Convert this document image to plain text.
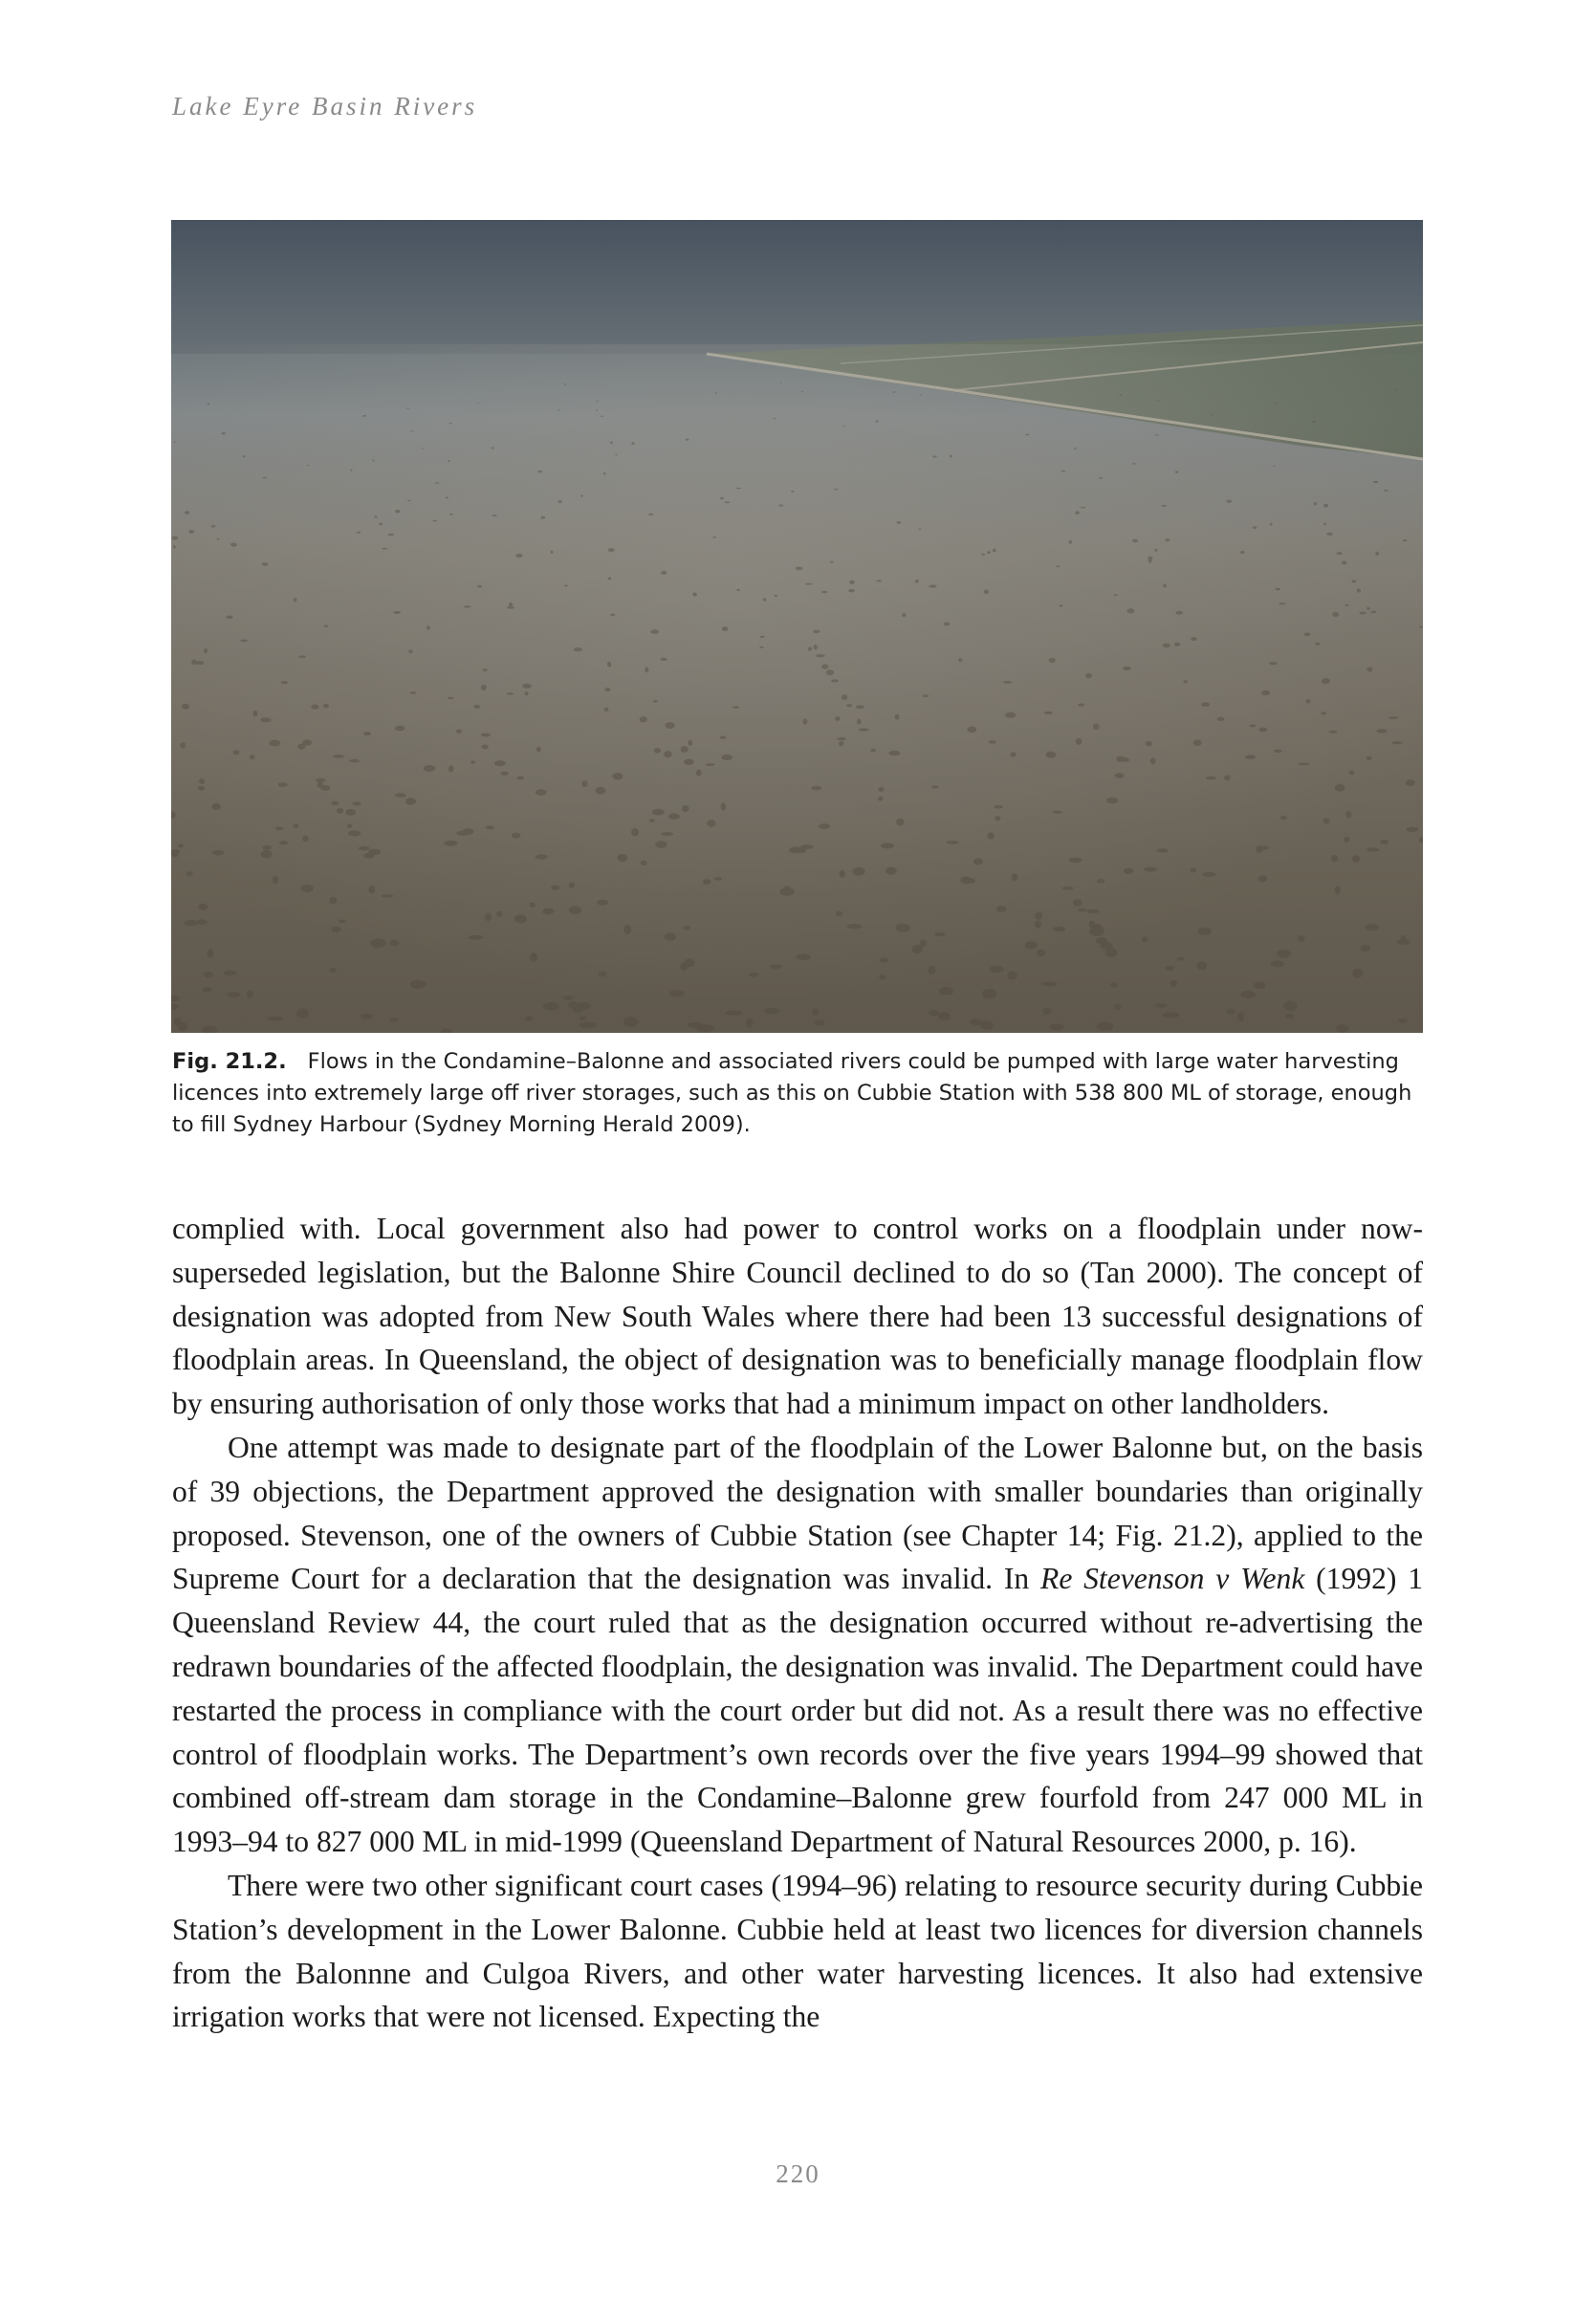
Lake Eyre Basin Rivers
Fig. 21.2. Flows in the Condamine–Balonne and associated rivers could be pumped with large water harvesting licences into extremely large off river storages, such as this on Cubbie Station with 538 800 ML of storage, enough to fill Sydney Harbour (Sydney Morning Herald 2009).

complied with. Local government also had power to control works on a floodplain under now-superseded legislation, but the Balonne Shire Council declined to do so (Tan 2000). The concept of designation was adopted from New South Wales where there had been 13 successful designations of floodplain areas. In Queensland, the object of designation was to beneficially manage floodplain flow by ensuring authorisation of only those works that had a minimum impact on other landholders.

One attempt was made to designate part of the floodplain of the Lower Balonne but, on the basis of 39 objections, the Department approved the designation with smaller boundaries than originally proposed. Stevenson, one of the owners of Cubbie Station (see Chapter 14; Fig. 21.2), applied to the Supreme Court for a declaration that the designation was invalid. In Re Stevenson v Wenk (1992) 1 Queensland Review 44, the court ruled that as the designation occurred without re-advertising the redrawn boundaries of the affected floodplain, the designation was invalid. The Department could have restarted the process in compliance with the court order but did not. As a result there was no effective control of floodplain works. The Department’s own records over the five years 1994–99 showed that combined off-stream dam storage in the Condamine–Balonne grew fourfold from 247 000 ML in 1993–94 to 827 000 ML in mid-1999 (Queensland Department of Natural Resources 2000, p. 16).

There were two other significant court cases (1994–96) relating to resource security during Cubbie Station’s development in the Lower Balonne. Cubbie held at least two licences for diversion channels from the Balonnne and Culgoa Rivers, and other water harvesting licences. It also had extensive irrigation works that were not licensed. Expecting the

220
